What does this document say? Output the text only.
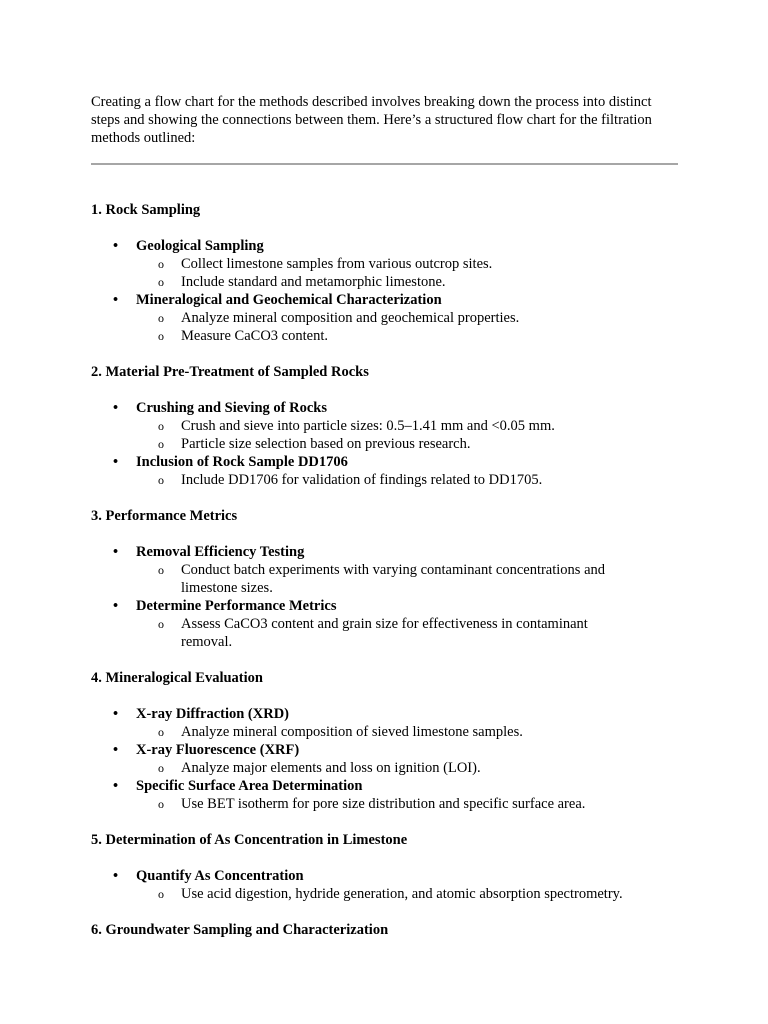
Creating a flow chart for the methods described involves breaking down the process into distinct steps and showing the connections between them. Here’s a structured flow chart for the filtration methods outlined:

1. Rock Sampling
• Geological Sampling
o Collect limestone samples from various outcrop sites.
o Include standard and metamorphic limestone.
• Mineralogical and Geochemical Characterization
o Analyze mineral composition and geochemical properties.
o Measure CaCO3 content.
2. Material Pre-Treatment of Sampled Rocks
• Crushing and Sieving of Rocks
o Crush and sieve into particle sizes: 0.5–1.41 mm and <0.05 mm.
o Particle size selection based on previous research.
• Inclusion of Rock Sample DD1706
o Include DD1706 for validation of findings related to DD1705.
3. Performance Metrics
• Removal Efficiency Testing
o Conduct batch experiments with varying contaminant concentrations and limestone sizes.
• Determine Performance Metrics
o Assess CaCO3 content and grain size for effectiveness in contaminant removal.
4. Mineralogical Evaluation
• X-ray Diffraction (XRD)
o Analyze mineral composition of sieved limestone samples.
• X-ray Fluorescence (XRF)
o Analyze major elements and loss on ignition (LOI).
• Specific Surface Area Determination
o Use BET isotherm for pore size distribution and specific surface area.
5. Determination of As Concentration in Limestone
• Quantify As Concentration
o Use acid digestion, hydride generation, and atomic absorption spectrometry.
6. Groundwater Sampling and Characterization
